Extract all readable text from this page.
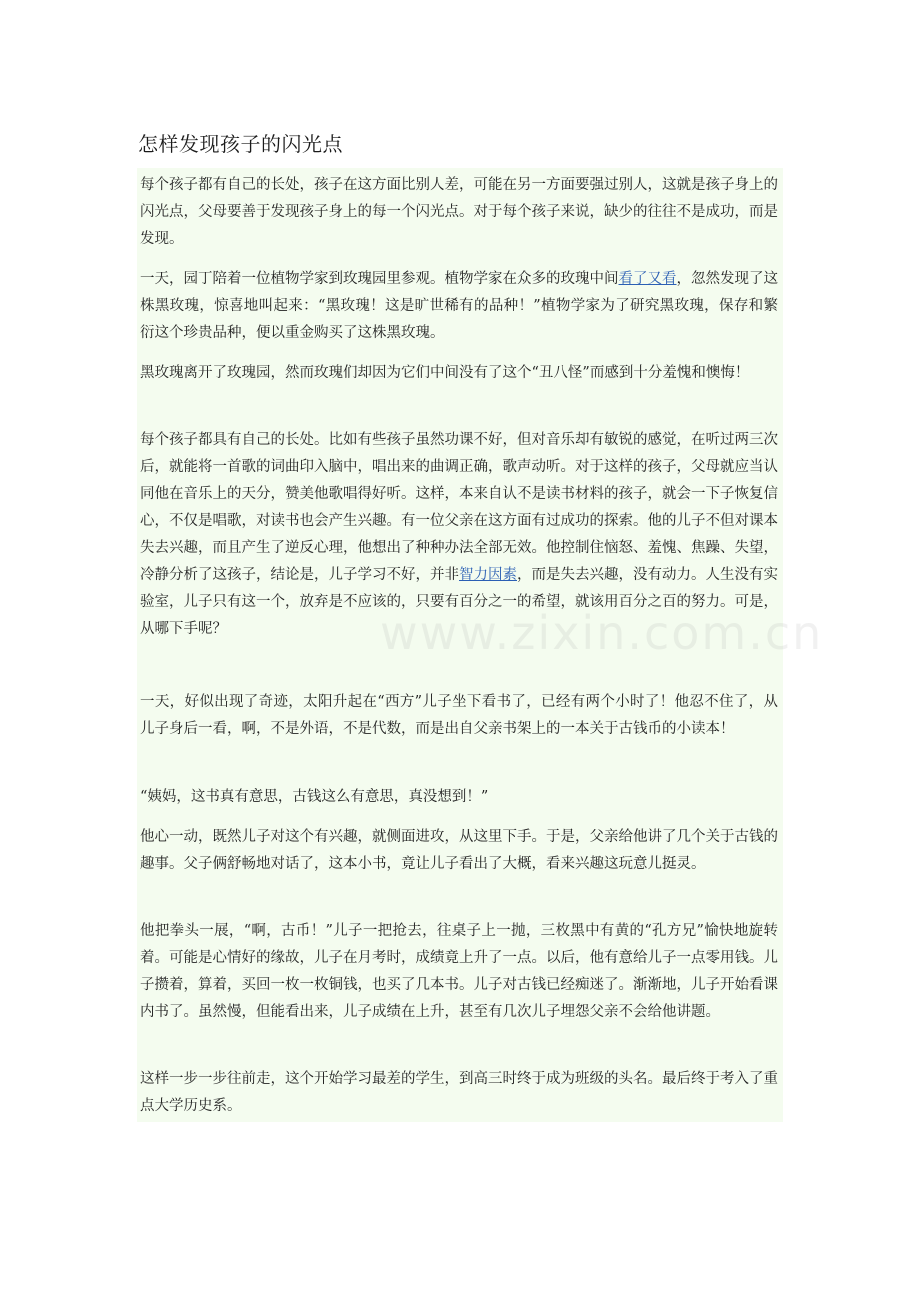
怎样发现孩子的闪光点

每个孩子都有自己的长处，孩子在这方面比别人差，可能在另一方面要强过别人，这就是孩子身上的闪光点，父母要善于发现孩子身上的每一个闪光点。对于每个孩子来说，缺少的往往不是成功，而是发现。

一天，园丁陪着一位植物学家到玫瑰园里参观。植物学家在众多的玫瑰中间看了又看，忽然发现了这株黑玫瑰，惊喜地叫起来：“黑玫瑰！这是旷世稀有的品种！”植物学家为了研究黑玫瑰，保存和繁衍这个珍贵品种，便以重金购买了这株黑玫瑰。

黑玫瑰离开了玫瑰园，然而玫瑰们却因为它们中间没有了这个“丑八怪”而感到十分羞愧和懊悔！

每个孩子都具有自己的长处。比如有些孩子虽然功课不好，但对音乐却有敏锐的感觉，在听过两三次后，就能将一首歌的词曲印入脑中，唱出来的曲调正确，歌声动听。对于这样的孩子，父母就应当认同他在音乐上的天分，赞美他歌唱得好听。这样，本来自认不是读书材料的孩子，就会一下子恢复信心，不仅是唱歌，对读书也会产生兴趣。有一位父亲在这方面有过成功的探索。他的儿子不但对课本失去兴趣，而且产生了逆反心理，他想出了种种办法全部无效。他控制住恼怒、羞愧、焦躁、失望，冷静分析了这孩子，结论是，儿子学习不好，并非智力因素，而是失去兴趣，没有动力。人生没有实验室，儿子只有这一个，放弃是不应该的，只要有百分之一的希望，就该用百分之百的努力。可是，从哪下手呢？

一天，好似出现了奇迹，太阳升起在“西方”儿子坐下看书了，已经有两个小时了！他忍不住了，从儿子身后一看，啊，不是外语，不是代数，而是出自父亲书架上的一本关于古钱币的小读本！

“姨妈，这书真有意思，古钱这么有意思，真没想到！”

他心一动，既然儿子对这个有兴趣，就侧面进攻，从这里下手。于是，父亲给他讲了几个关于古钱的趣事。父子俩舒畅地对话了，这本小书，竟让儿子看出了大概，看来兴趣这玩意儿挺灵。

他把拳头一展，“啊，古币！”儿子一把抢去，往桌子上一抛，三枚黑中有黄的“孔方兄”愉快地旋转着。可能是心情好的缘故，儿子在月考时，成绩竟上升了一点。以后，他有意给儿子一点零用钱。儿子攒着，算着，买回一枚一枚铜钱，也买了几本书。儿子对古钱已经痴迷了。渐渐地，儿子开始看课内书了。虽然慢，但能看出来，儿子成绩在上升，甚至有几次儿子埋怨父亲不会给他讲题。

这样一步一步往前走，这个开始学习最差的学生，到高三时终于成为班级的头名。最后终于考入了重点大学历史系。
